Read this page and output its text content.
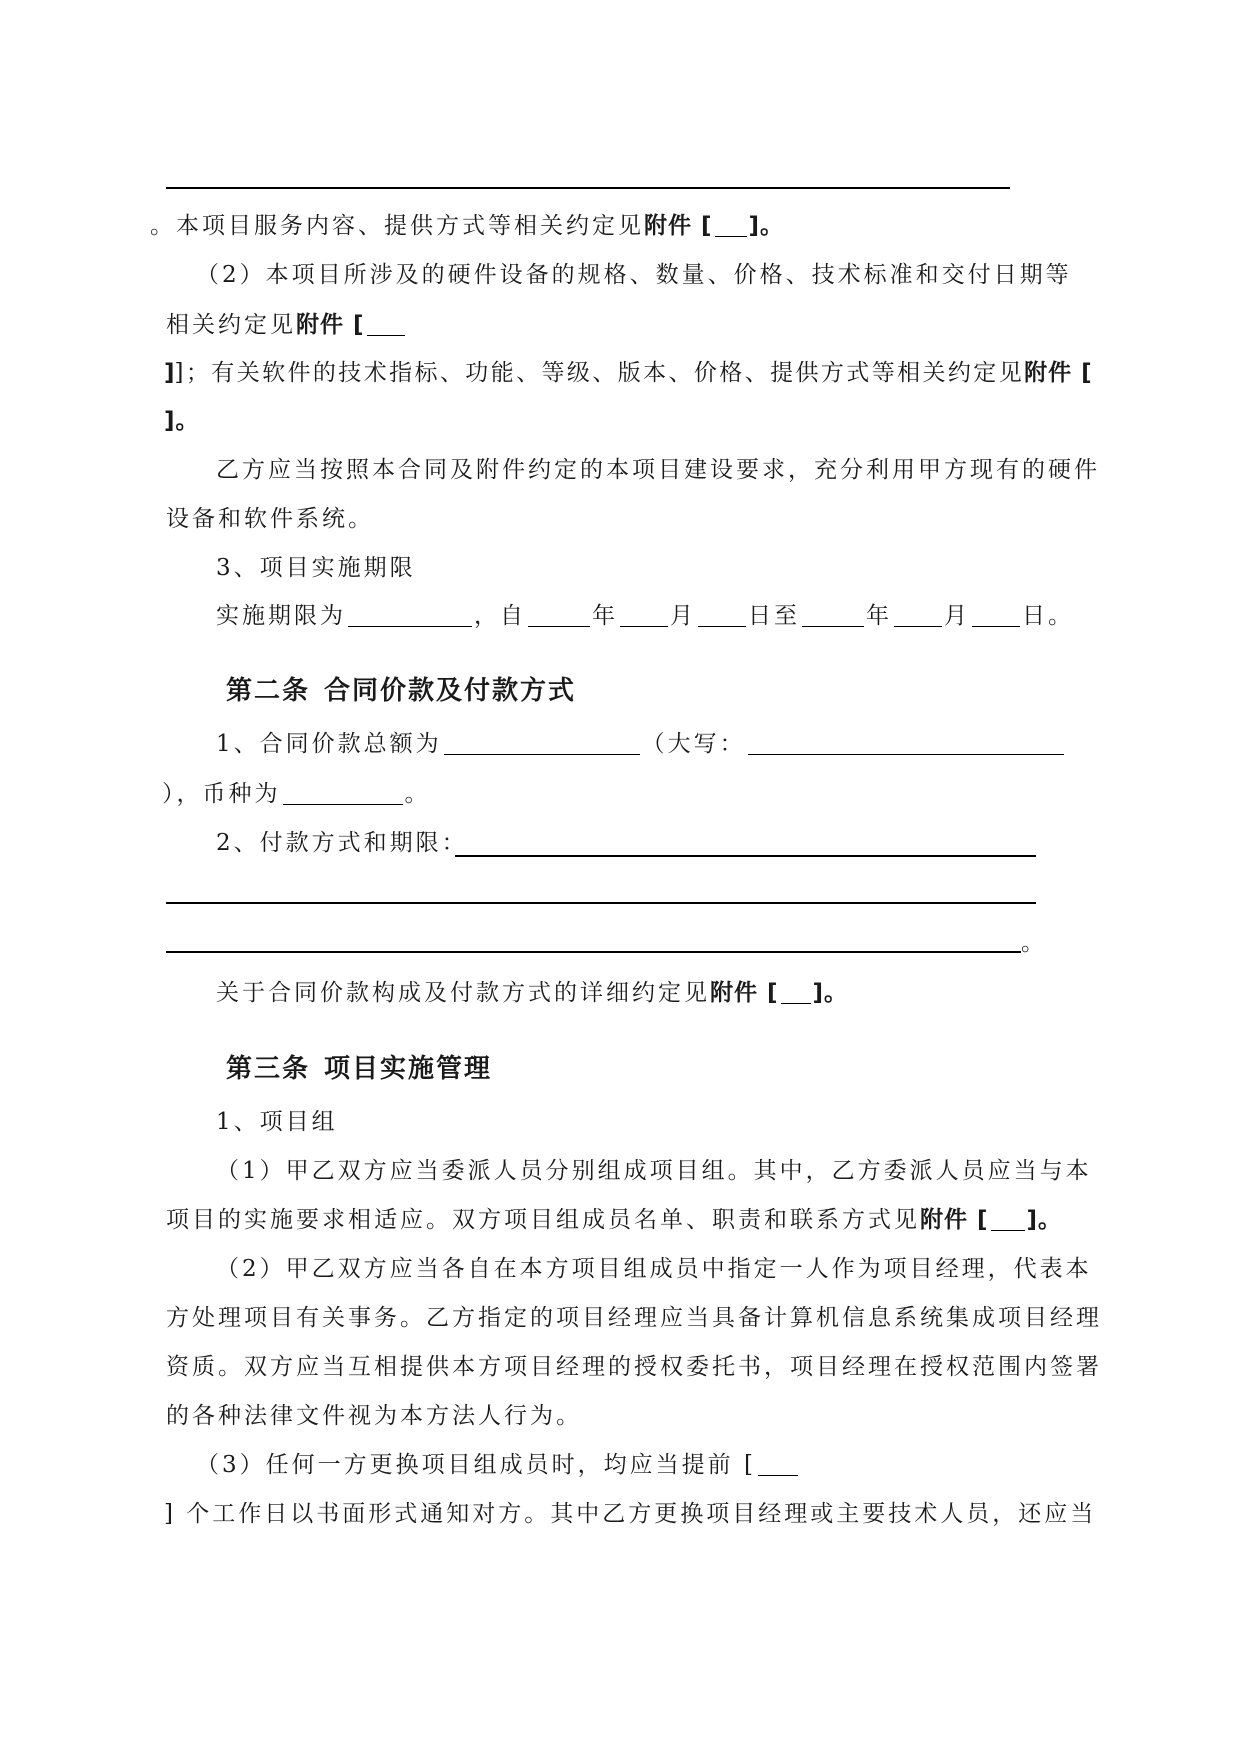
。本项目服务内容、提供方式等相关约定见附件 [ ]。
（2）本项目所涉及的硬件设备的规格、数量、价格、技术标准和交付日期等
相关约定见附件 [
]]；有关软件的技术指标、功能、等级、版本、价格、提供方式等相关约定见附件 [
]。
乙方应当按照本合同及附件约定的本项目建设要求，充分利用甲方现有的硬件
设备和软件系统。
3、项目实施期限
实施期限为	，自	年 月 日至	年 月 日。
第二条 合同价款及付款方式
1、合同价款总额为	（大写：
），币种为	。
2、付款方式和期限：
。
关于合同价款构成及付款方式的详细约定见附件 [ ]。
第三条 项目实施管理
1、项目组
（1）甲乙双方应当委派人员分别组成项目组。其中，乙方委派人员应当与本
项目的实施要求相适应。双方项目组成员名单、职责和联系方式见附件 [ ]。
（2）甲乙双方应当各自在本方项目组成员中指定一人作为项目经理，代表本
方处理项目有关事务。乙方指定的项目经理应当具备计算机信息系统集成项目经理
资质。双方应当互相提供本方项目经理的授权委托书，项目经理在授权范围内签署
的各种法律文件视为本方法人行为。
（3）任何一方更换项目组成员时，均应当提前 [
] 个工作日以书面形式通知对方。其中乙方更换项目经理或主要技术人员，还应当
